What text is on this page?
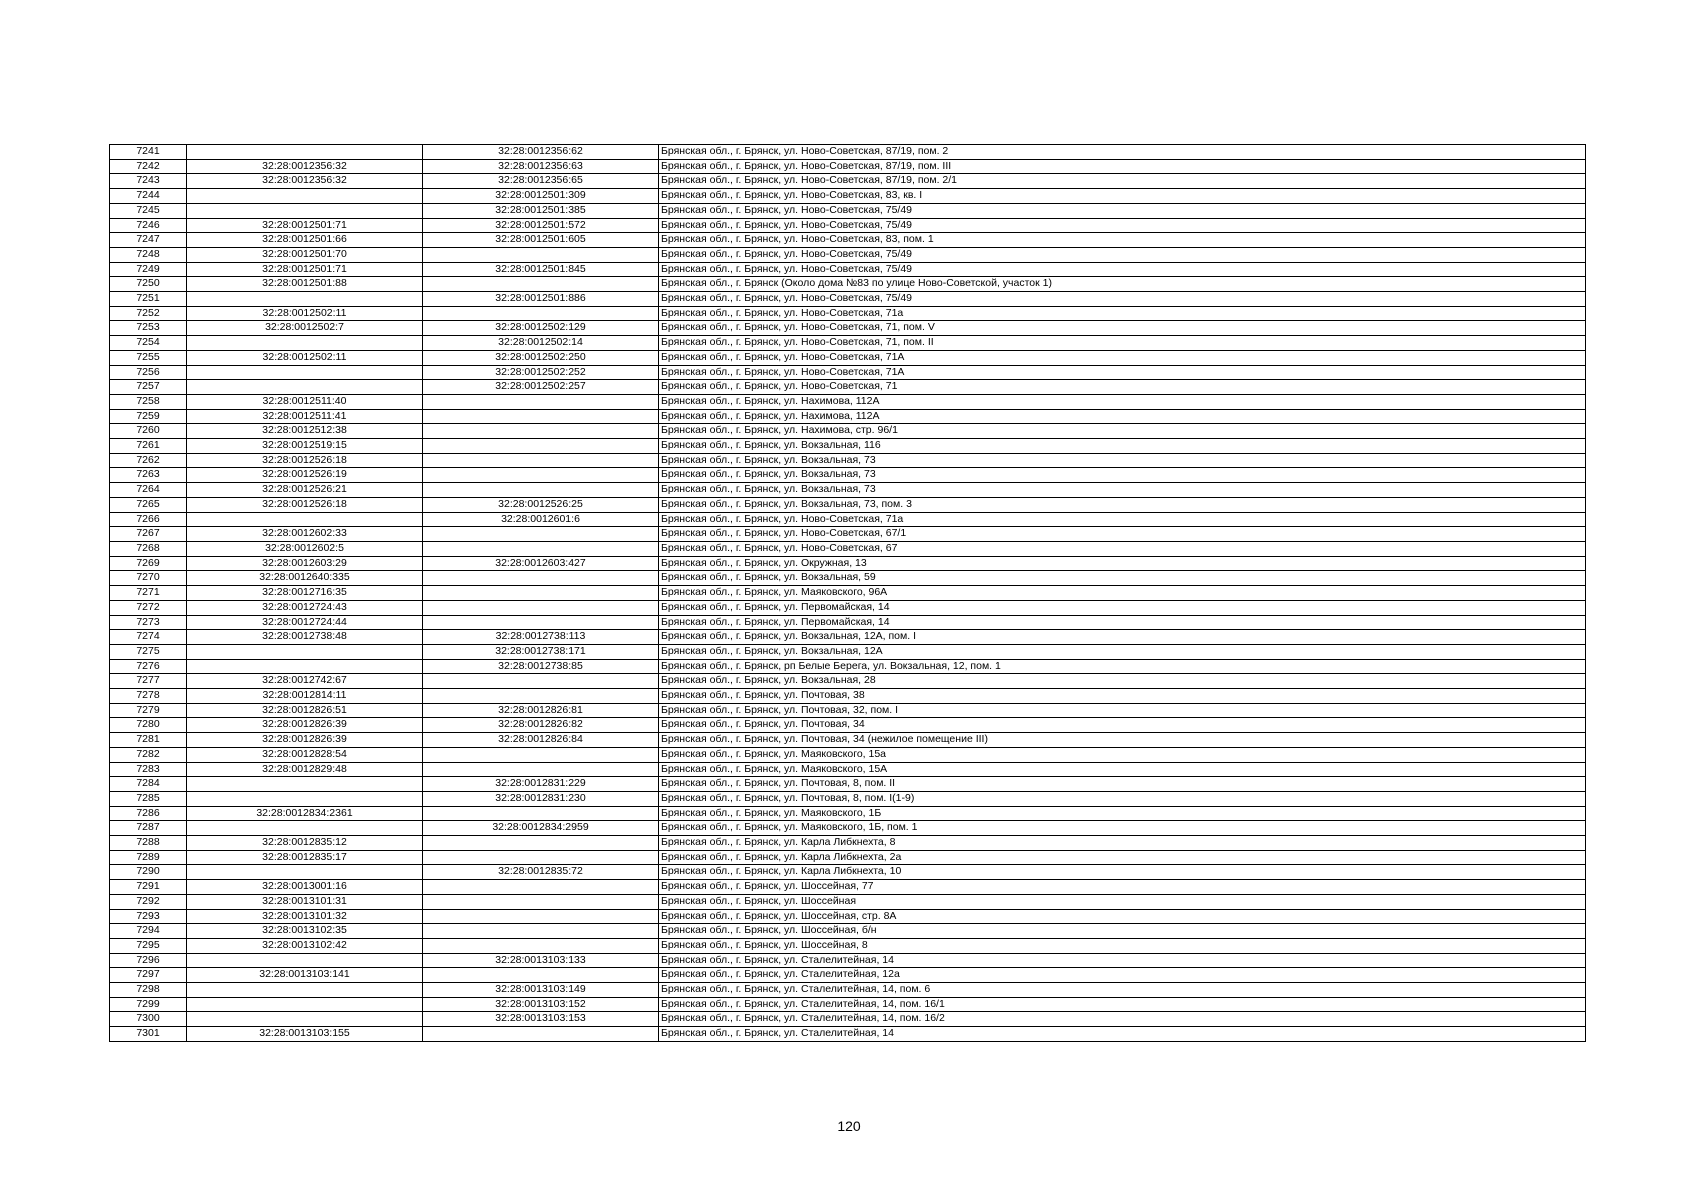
7241		32:28:0012356:62	Брянская обл., г. Брянск, ул. Ново-Советская, 87/19, пом. 2
7242	32:28:0012356:32	32:28:0012356:63	Брянская обл., г. Брянск, ул. Ново-Советская, 87/19, пом. III
7243	32:28:0012356:32	32:28:0012356:65	Брянская обл., г. Брянск, ул. Ново-Советская, 87/19, пом. 2/1
7244		32:28:0012501:309	Брянская обл., г. Брянск, ул. Ново-Советская, 83, кв. I
7245		32:28:0012501:385	Брянская обл., г. Брянск, ул. Ново-Советская, 75/49
7246	32:28:0012501:71	32:28:0012501:572	Брянская обл., г. Брянск, ул. Ново-Советская, 75/49
7247	32:28:0012501:66	32:28:0012501:605	Брянская обл., г. Брянск, ул. Ново-Советская, 83, пом. 1
7248	32:28:0012501:70		Брянская обл., г. Брянск, ул. Ново-Советская, 75/49
7249	32:28:0012501:71	32:28:0012501:845	Брянская обл., г. Брянск, ул. Ново-Советская, 75/49
7250	32:28:0012501:88		Брянская обл., г. Брянск (Около дома №83 по улице Ново-Советской, участок 1)
7251		32:28:0012501:886	Брянская обл., г. Брянск, ул. Ново-Советская, 75/49
7252	32:28:0012502:11		Брянская обл., г. Брянск, ул. Ново-Советская, 71а
7253	32:28:0012502:7	32:28:0012502:129	Брянская обл., г. Брянск, ул. Ново-Советская, 71, пом. V
7254		32:28:0012502:14	Брянская обл., г. Брянск, ул. Ново-Советская, 71, пом. II
7255	32:28:0012502:11	32:28:0012502:250	Брянская обл., г. Брянск, ул. Ново-Советская, 71А
7256		32:28:0012502:252	Брянская обл., г. Брянск, ул. Ново-Советская, 71А
7257		32:28:0012502:257	Брянская обл., г. Брянск, ул. Ново-Советская, 71
7258	32:28:0012511:40		Брянская обл., г. Брянск, ул. Нахимова, 112А
7259	32:28:0012511:41		Брянская обл., г. Брянск, ул. Нахимова, 112А
7260	32:28:0012512:38		Брянская обл., г. Брянск, ул. Нахимова, стр. 96/1
7261	32:28:0012519:15		Брянская обл., г. Брянск, ул. Вокзальная, 116
7262	32:28:0012526:18		Брянская обл., г. Брянск, ул. Вокзальная, 73
7263	32:28:0012526:19		Брянская обл., г. Брянск, ул. Вокзальная, 73
7264	32:28:0012526:21		Брянская обл., г. Брянск, ул. Вокзальная, 73
7265	32:28:0012526:18	32:28:0012526:25	Брянская обл., г. Брянск, ул. Вокзальная, 73, пом. 3
7266		32:28:0012601:6	Брянская обл., г. Брянск, ул. Ново-Советская, 71а
7267	32:28:0012602:33		Брянская обл., г. Брянск, ул. Ново-Советская, 67/1
7268	32:28:0012602:5		Брянская обл., г. Брянск, ул. Ново-Советская, 67
7269	32:28:0012603:29	32:28:0012603:427	Брянская обл., г. Брянск, ул. Окружная, 13
7270	32:28:0012640:335		Брянская обл., г. Брянск, ул. Вокзальная, 59
7271	32:28:0012716:35		Брянская обл., г. Брянск, ул. Маяковского, 96А
7272	32:28:0012724:43		Брянская обл., г. Брянск, ул. Первомайская, 14
7273	32:28:0012724:44		Брянская обл., г. Брянск, ул. Первомайская, 14
7274	32:28:0012738:48	32:28:0012738:113	Брянская обл., г. Брянск, ул. Вокзальная, 12А, пом. I
7275		32:28:0012738:171	Брянская обл., г. Брянск, ул. Вокзальная, 12А
7276		32:28:0012738:85	Брянская обл., г. Брянск, рп Белые Берега, ул. Вокзальная, 12, пом. 1
7277	32:28:0012742:67		Брянская обл., г. Брянск, ул. Вокзальная, 28
7278	32:28:0012814:11		Брянская обл., г. Брянск, ул. Почтовая, 38
7279	32:28:0012826:51	32:28:0012826:81	Брянская обл., г. Брянск, ул. Почтовая, 32, пом. I
7280	32:28:0012826:39	32:28:0012826:82	Брянская обл., г. Брянск, ул. Почтовая, 34
7281	32:28:0012826:39	32:28:0012826:84	Брянская обл., г. Брянск, ул. Почтовая, 34 (нежилое помещение III)
7282	32:28:0012828:54		Брянская обл., г. Брянск, ул. Маяковского, 15а
7283	32:28:0012829:48		Брянская обл., г. Брянск, ул. Маяковского, 15А
7284		32:28:0012831:229	Брянская обл., г. Брянск, ул. Почтовая, 8, пом. II
7285		32:28:0012831:230	Брянская обл., г. Брянск, ул. Почтовая, 8, пом. I(1-9)
7286	32:28:0012834:2361		Брянская обл., г. Брянск, ул. Маяковского, 1Б
7287		32:28:0012834:2959	Брянская обл., г. Брянск, ул. Маяковского, 1Б, пом. 1
7288	32:28:0012835:12		Брянская обл., г. Брянск, ул. Карла Либкнехта, 8
7289	32:28:0012835:17		Брянская обл., г. Брянск, ул. Карла Либкнехта, 2а
7290		32:28:0012835:72	Брянская обл., г. Брянск, ул. Карла Либкнехта, 10
7291	32:28:0013001:16		Брянская обл., г. Брянск, ул. Шоссейная, 77
7292	32:28:0013101:31		Брянская обл., г. Брянск, ул. Шоссейная
7293	32:28:0013101:32		Брянская обл., г. Брянск, ул. Шоссейная, стр. 8А
7294	32:28:0013102:35		Брянская обл., г. Брянск, ул. Шоссейная, б/н
7295	32:28:0013102:42		Брянская обл., г. Брянск, ул. Шоссейная, 8
7296		32:28:0013103:133	Брянская обл., г. Брянск, ул. Сталелитейная, 14
7297	32:28:0013103:141		Брянская обл., г. Брянск, ул. Сталелитейная, 12а
7298		32:28:0013103:149	Брянская обл., г. Брянск, ул. Сталелитейная, 14, пом. 6
7299		32:28:0013103:152	Брянская обл., г. Брянск, ул. Сталелитейная, 14, пом. 16/1
7300		32:28:0013103:153	Брянская обл., г. Брянск, ул. Сталелитейная, 14, пом. 16/2
7301	32:28:0013103:155		Брянская обл., г. Брянск, ул. Сталелитейная, 14
120
